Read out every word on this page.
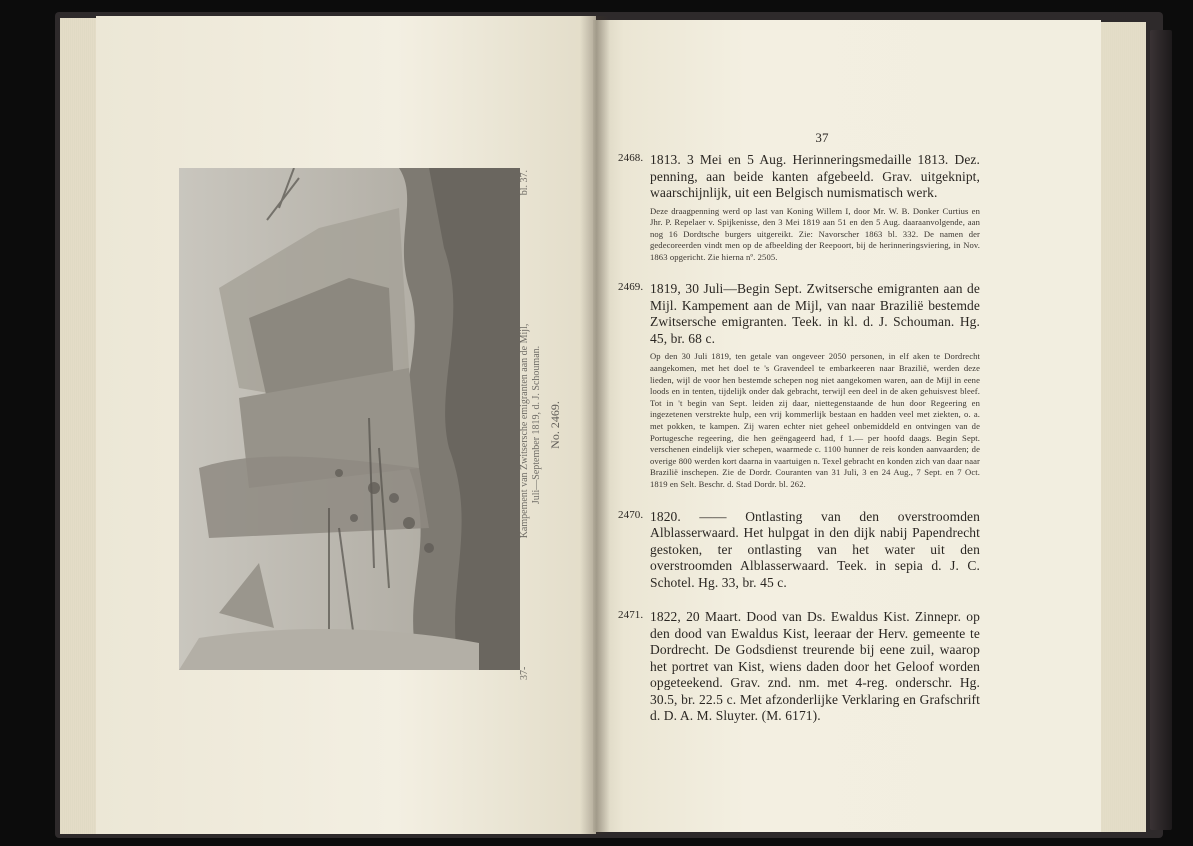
37-
Kampement van Zwitsersche emigranten aan de Mijl,
bl. 37.
Juli—September 1819, d. J. Schouman. No. 2469.
37
2468. 1813. 3 Mei en 5 Aug. Herinneringsmedaille 1813. Dez. penning, aan beide kanten afgebeeld. Grav. uitgeknipt, waarschijnlijk, uit een Belgisch numismatisch werk.
Deze draagpenning werd op last van Koning Willem I, door Mr. W. B. Donker Curtius en Jhr. P. Repelaer v. Spijkenisse, den 3 Mei 1819 aan 51 en den 5 Aug. daaraanvolgende, aan nog 16 Dordtsche burgers uitgereikt. Zie: Navorscher 1863 bl. 332. De namen der gedecoreerden vindt men op de afbeelding der Reepoort, bij de herinneringsviering, in Nov. 1863 opgericht. Zie hierna nº. 2505.
2469. 1819, 30 Juli—Begin Sept. Zwitsersche emigranten aan de Mijl. Kampement aan de Mijl, van naar Brazilië bestemde Zwitsersche emigranten. Teek. in kl. d. J. Schouman. Hg. 45, br. 68 c.
Op den 30 Juli 1819, ten getale van ongeveer 2050 personen, in elf aken te Dordrecht aangekomen, met het doel te 's Gravendeel te embarkeeren naar Brazilië, werden deze lieden, wijl de voor hen bestemde schepen nog niet aangekomen waren, aan de Mijl in eene loods en in tenten, tijdelijk onder dak gebracht, terwijl een deel in de aken gehuisvest bleef. Tot in 't begin van Sept. leiden zij daar, niettegenstaande de hun door Regeering en ingezetenen verstrekte hulp, een vrij kommerlijk bestaan en hadden veel met ziekten, o. a. met pokken, te kampen. Zij waren echter niet geheel onbemiddeld en ontvingen van de Portugesche regeering, die hen geëngageerd had, f 1.— per hoofd daags. Begin Sept. verschenen eindelijk vier schepen, waarmede c. 1100 hunner de reis konden aanvaarden; de overige 800 werden kort daarna in vaartuigen n. Texel gebracht en konden zich van daar naar Brazilië inschepen. Zie de Dordr. Couranten van 31 Juli, 3 en 24 Aug., 7 Sept. en 7 Oct. 1819 en Selt. Beschr. d. Stad Dordr. bl. 262.
2470. 1820. —— Ontlasting van den overstroomden Alblasserwaard. Het hulpgat in den dijk nabij Papendrecht gestoken, ter ontlasting van het water uit den overstroomden Alblasserwaard. Teek. in sepia d. J. C. Schotel. Hg. 33, br. 45 c.
2471. 1822, 20 Maart. Dood van Ds. Ewaldus Kist. Zinnepr. op den dood van Ewaldus Kist, leeraar der Herv. gemeente te Dordrecht. De Godsdienst treurende bij eene zuil, waarop het portret van Kist, wiens daden door het Geloof worden opgeteekend. Grav. znd. nm. met 4-reg. onderschr. Hg. 30.5, br. 22.5 c. Met afzonderlijke Verklaring en Grafschrift d. D. A. M. Sluyter. (M. 6171).
